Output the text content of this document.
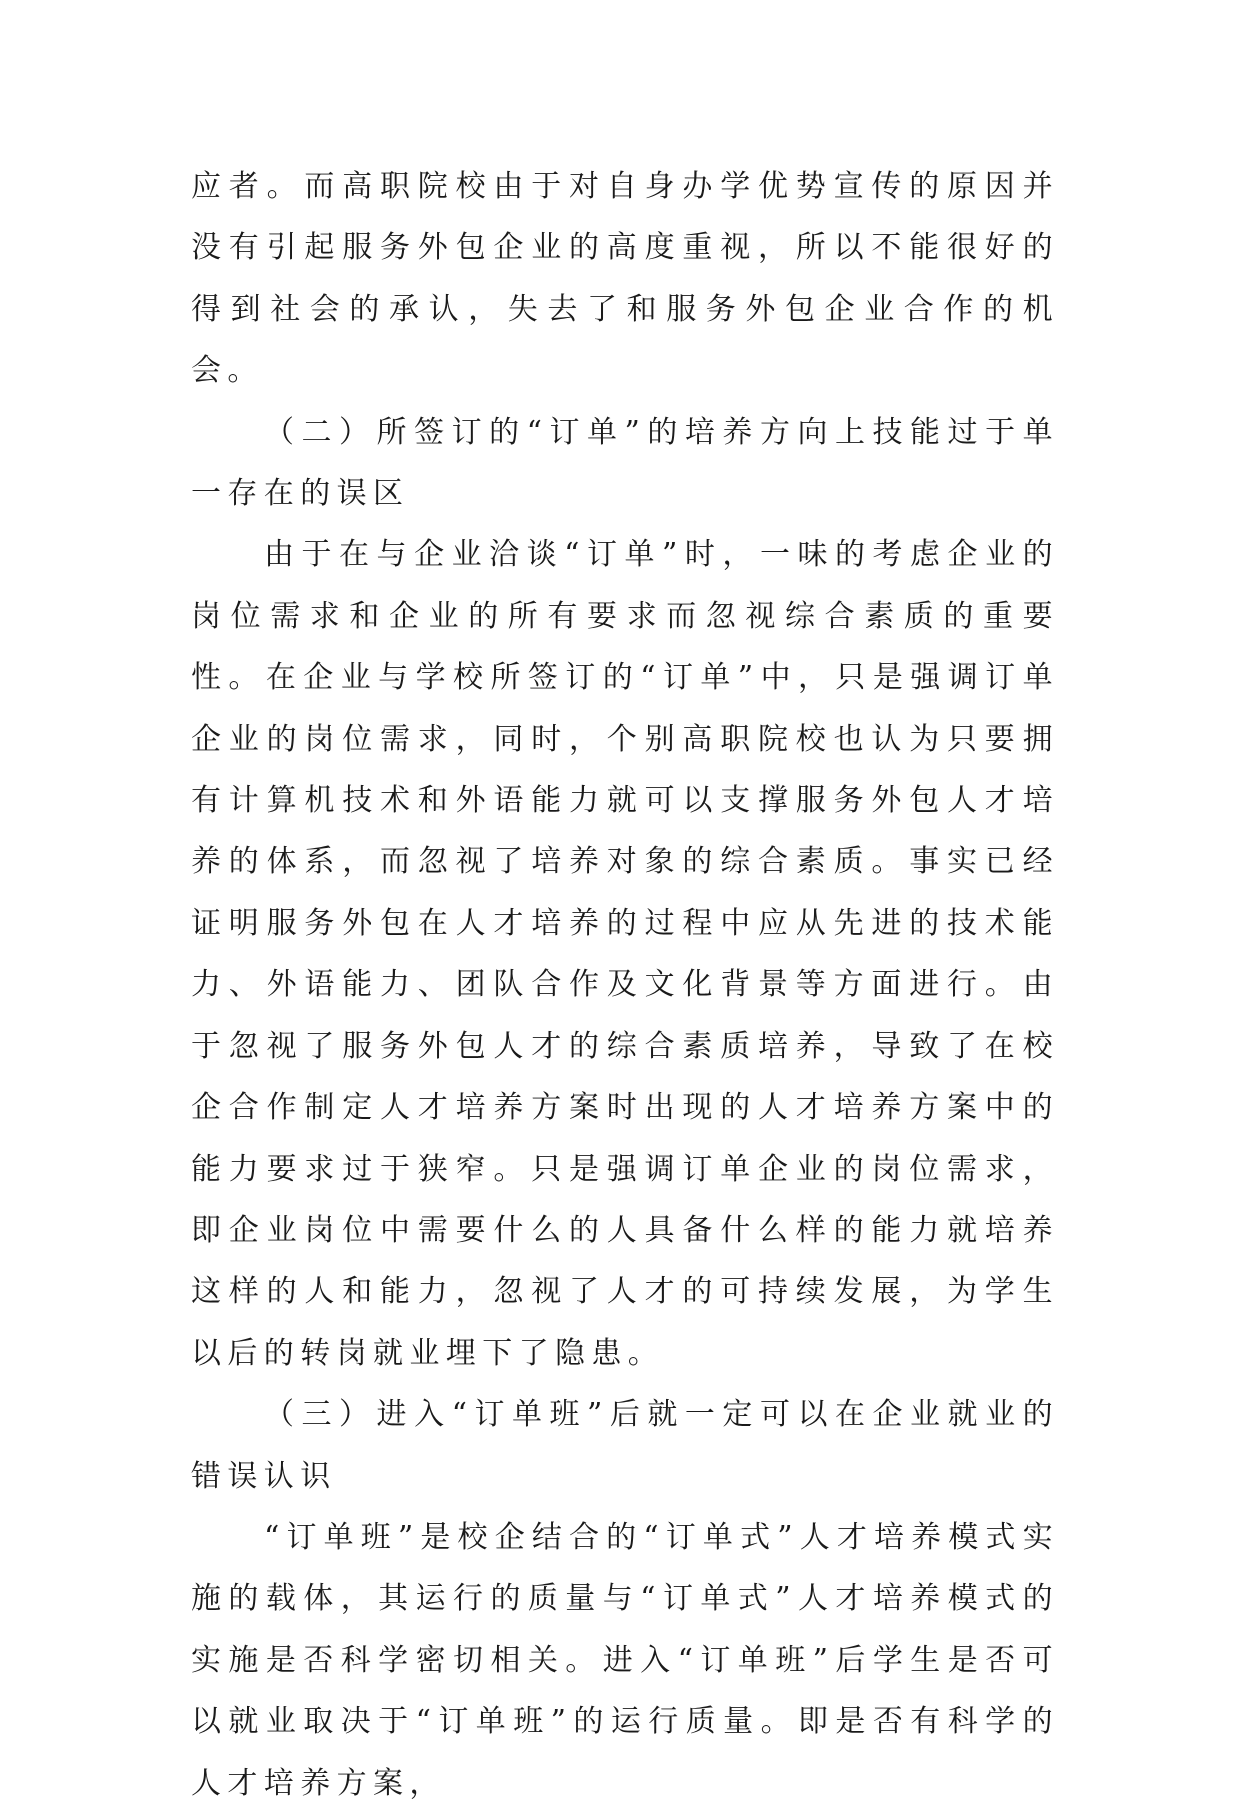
应者。而高职院校由于对自身办学优势宣传的原因并没有引起服务外包企业的高度重视，所以不能很好的得到社会的承认，失去了和服务外包企业合作的机会。

（二）所签订的“订单”的培养方向上技能过于单一存在的误区

由于在与企业洽谈“订单”时，一味的考虑企业的岗位需求和企业的所有要求而忽视综合素质的重要性。在企业与学校所签订的“订单”中，只是强调订单企业的岗位需求，同时，个别高职院校也认为只要拥有计算机技术和外语能力就可以支撑服务外包人才培养的体系，而忽视了培养对象的综合素质。事实已经证明服务外包在人才培养的过程中应从先进的技术能力、外语能力、团队合作及文化背景等方面进行。由于忽视了服务外包人才的综合素质培养，导致了在校企合作制定人才培养方案时出现的人才培养方案中的能力要求过于狭窄。只是强调订单企业的岗位需求，即企业岗位中需要什么的人具备什么样的能力就培养这样的人和能力，忽视了人才的可持续发展，为学生以后的转岗就业埋下了隐患。

（三）进入“订单班”后就一定可以在企业就业的错误认识

“订单班”是校企结合的“订单式”人才培养模式实施的载体，其运行的质量与“订单式”人才培养模式的实施是否科学密切相关。进入“订单班”后学生是否可以就业取决于“订单班”的运行质量。即是否有科学的人才培养方案，
